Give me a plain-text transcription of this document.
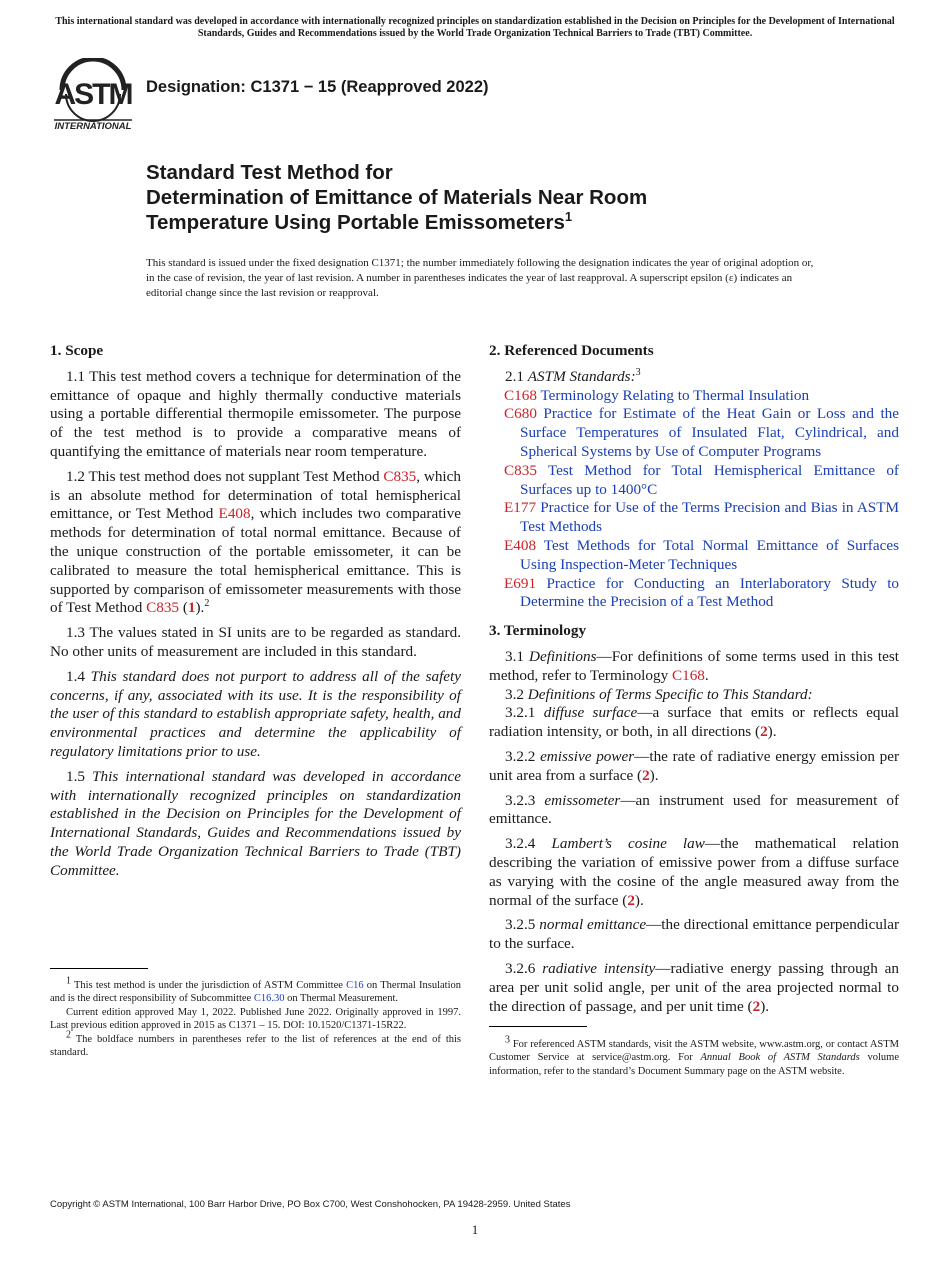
This international standard was developed in accordance with internationally recognized principles on standardization established in the Decision on Principles for the Development of International Standards, Guides and Recommendations issued by the World Trade Organization Technical Barriers to Trade (TBT) Committee.
ASTM
INTERNATIONAL
Designation: C1371 − 15 (Reapproved 2022)
Standard Test Method for
Determination of Emittance of Materials Near Room
Temperature Using Portable Emissometers$^1$
This standard is issued under the fixed designation C1371; the number immediately following the designation indicates the year of original adoption or, in the case of revision, the year of last revision. A number in parentheses indicates the year of last reapproval. A superscript epsilon (ε) indicates an editorial change since the last revision or reapproval.
1. Scope

1.1 This test method covers a technique for determination of the emittance of opaque and highly thermally conductive materials using a portable differential thermopile emissometer. The purpose of the test method is to provide a comparative means of quantifying the emittance of materials near room temperature.

1.2 This test method does not supplant Test Method C835, which is an absolute method for determination of total hemispherical emittance, or Test Method E408, which includes two comparative methods for determination of total normal emittance. Because of the unique construction of the portable emissometer, it can be calibrated to measure the total hemispherical emittance. This is supported by comparison of emissometer measurements with those of Test Method C835 (1).$^2$

1.3 The values stated in SI units are to be regarded as standard. No other units of measurement are included in this standard.

1.4 This standard does not purport to address all of the safety concerns, if any, associated with its use. It is the responsibility of the user of this standard to establish appropriate safety, health, and environmental practices and determine the applicability of regulatory limitations prior to use.

1.5 This international standard was developed in accordance with internationally recognized principles on standardization established in the Decision on Principles for the Development of International Standards, Guides and Recommendations issued by the World Trade Organization Technical Barriers to Trade (TBT) Committee.

$^1$ This test method is under the jurisdiction of ASTM Committee C16 on Thermal Insulation and is the direct responsibility of Subcommittee C16.30 on Thermal Measurement.

Current edition approved May 1, 2022. Published June 2022. Originally approved in 1997. Last previous edition approved in 2015 as C1371 – 15. DOI: 10.1520/C1371-15R22.

$^2$ The boldface numbers in parentheses refer to the list of references at the end of this standard.

2. Referenced Documents
2.1 ASTM Standards:$^3$
C168 Terminology Relating to Thermal Insulation
C680 Practice for Estimate of the Heat Gain or Loss and the Surface Temperatures of Insulated Flat, Cylindrical, and Spherical Systems by Use of Computer Programs
C835 Test Method for Total Hemispherical Emittance of Surfaces up to 1400°C
E177 Practice for Use of the Terms Precision and Bias in ASTM Test Methods
E408 Test Methods for Total Normal Emittance of Surfaces Using Inspection-Meter Techniques
E691 Practice for Conducting an Interlaboratory Study to Determine the Precision of a Test Method
3. Terminology

3.1 Definitions—For definitions of some terms used in this test method, refer to Terminology C168.

3.2 Definitions of Terms Specific to This Standard:

3.2.1 diffuse surface—a surface that emits or reflects equal radiation intensity, or both, in all directions (2).

3.2.2 emissive power—the rate of radiative energy emission per unit area from a surface (2).

3.2.3 emissometer—an instrument used for measurement of emittance.

3.2.4 Lambert’s cosine law—the mathematical relation describing the variation of emissive power from a diffuse surface as varying with the cosine of the angle measured away from the normal of the surface (2).

3.2.5 normal emittance—the directional emittance perpendicular to the surface.

3.2.6 radiative intensity—radiative energy passing through an area per unit solid angle, per unit of the area projected normal to the direction of passage, and per unit time (2).

$^3$ For referenced ASTM standards, visit the ASTM website, www.astm.org, or contact ASTM Customer Service at service@astm.org. For Annual Book of ASTM Standards volume information, refer to the standard’s Document Summary page on the ASTM website.

Copyright © ASTM International, 100 Barr Harbor Drive, PO Box C700, West Conshohocken, PA 19428-2959. United States
1
